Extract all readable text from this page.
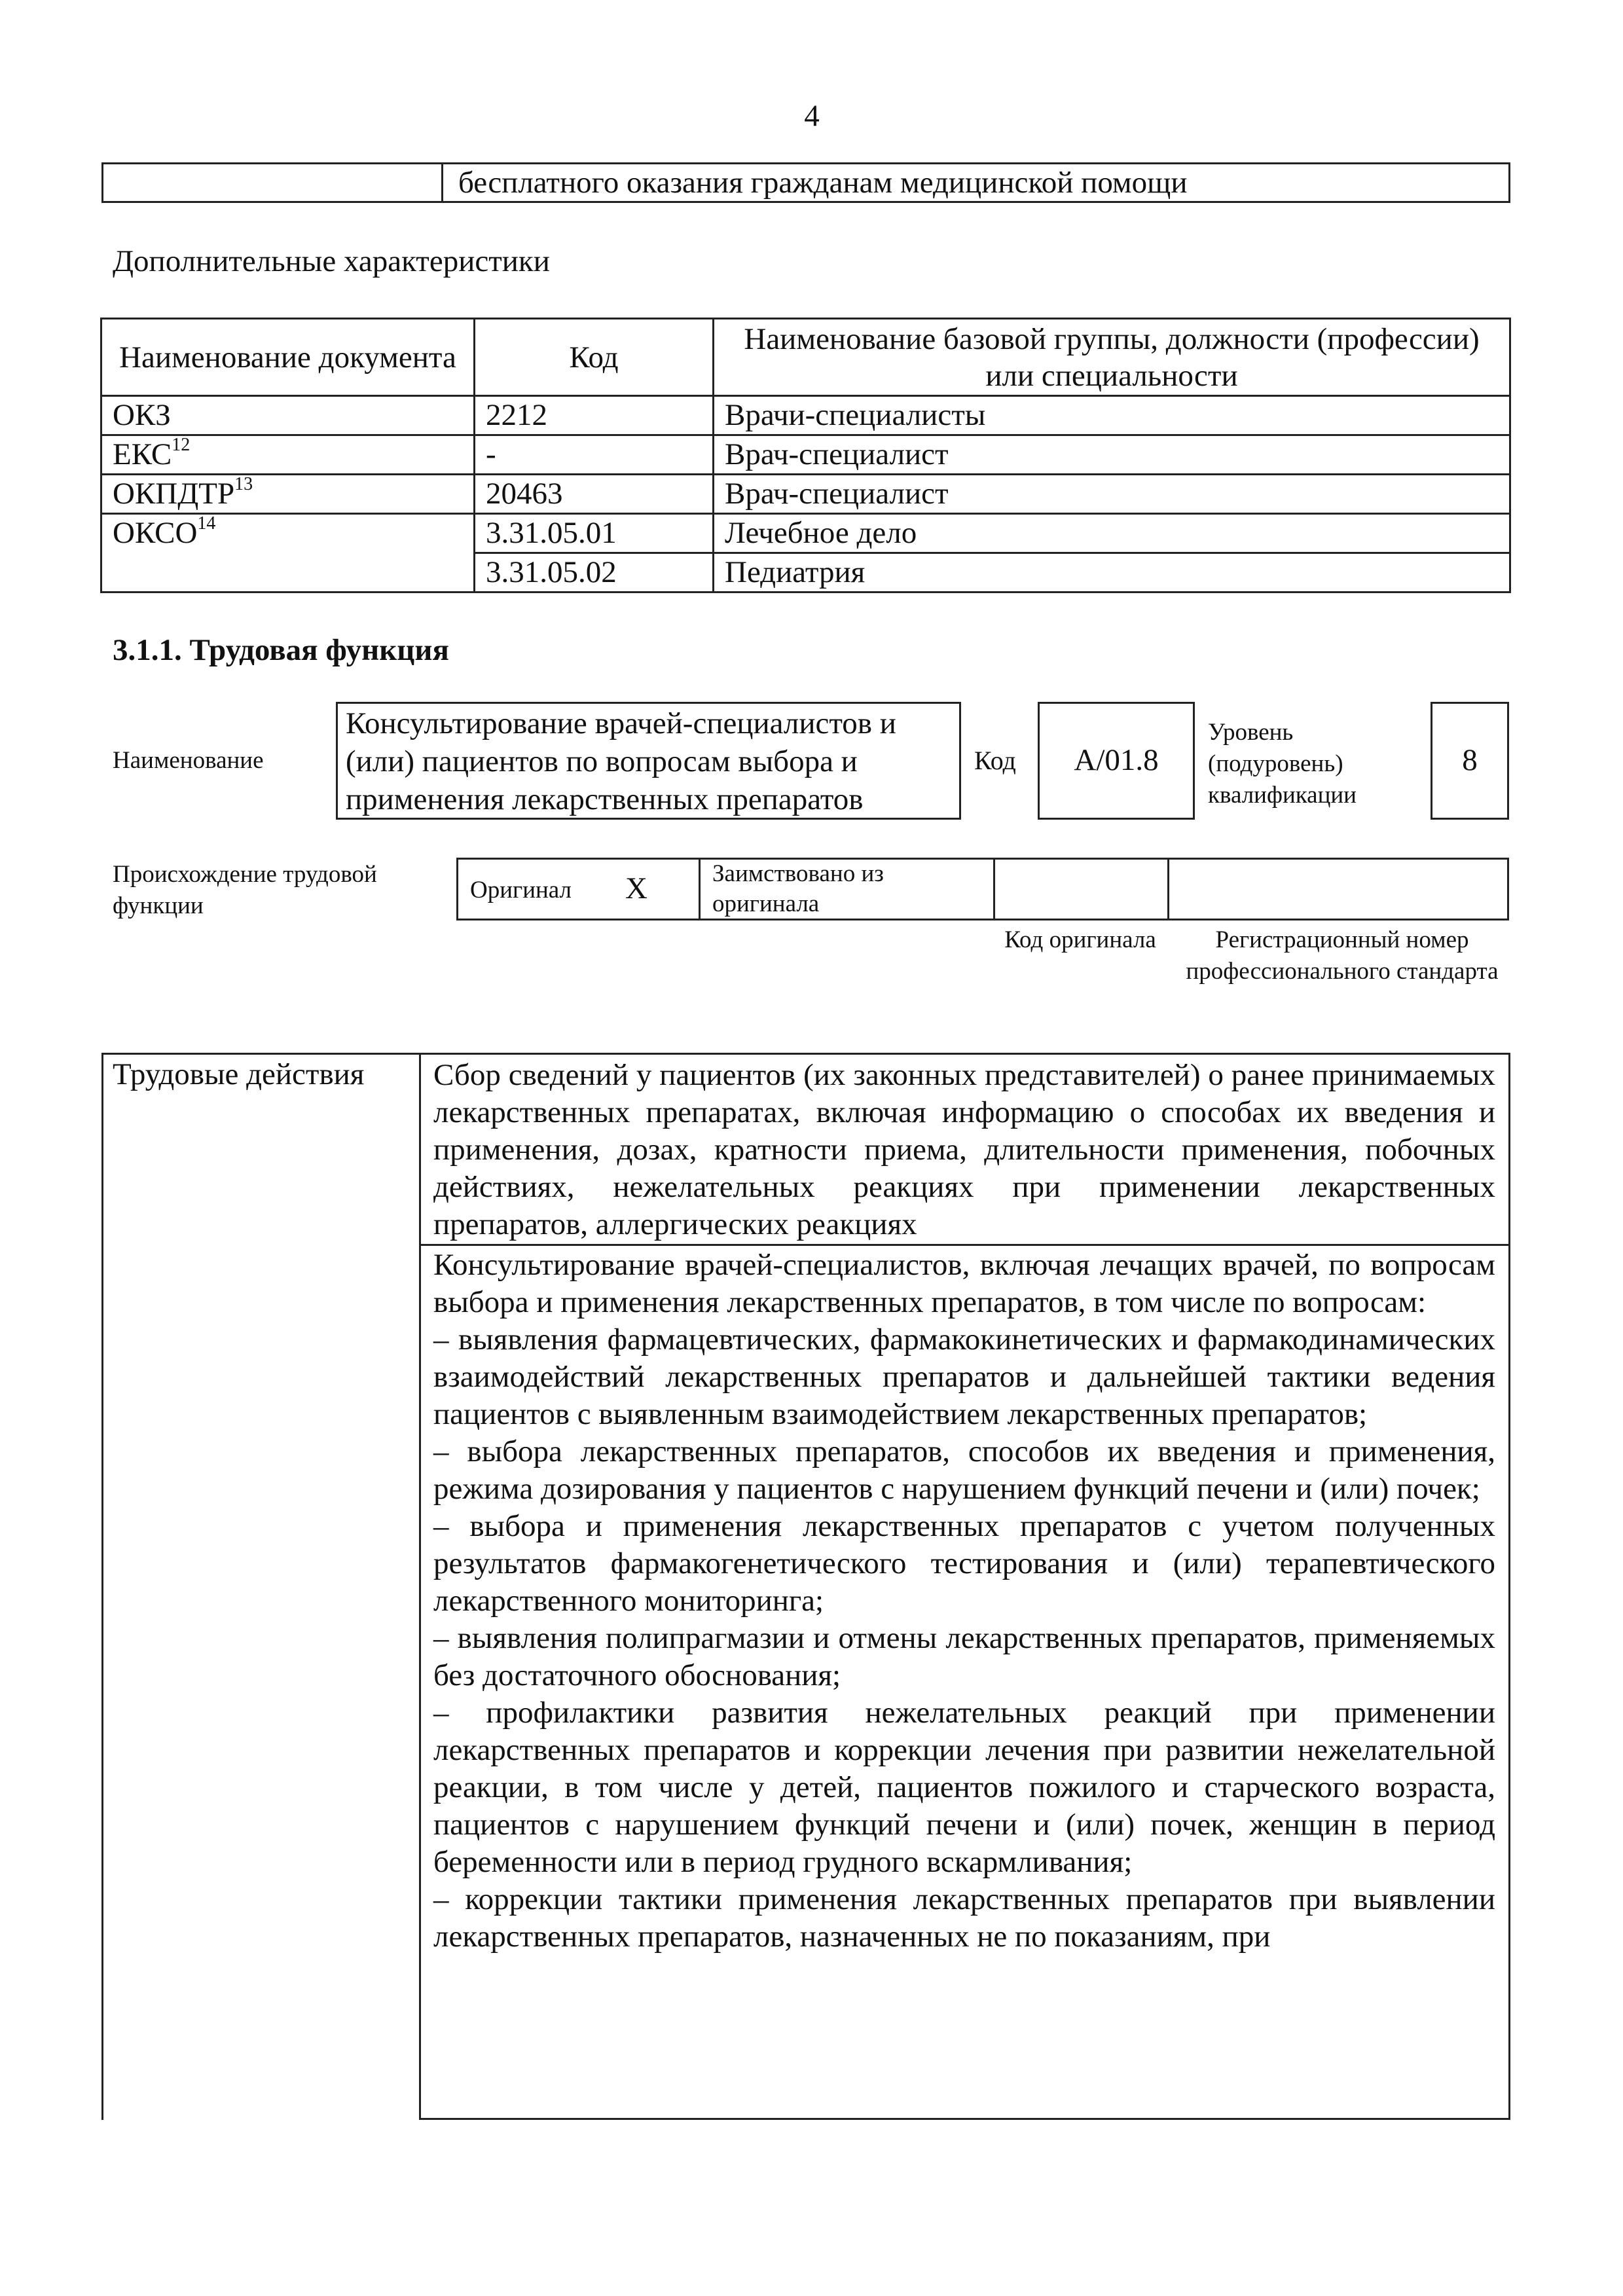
4
бесплатного оказания гражданам медицинской помощи
Дополнительные характеристики
Наименование документа	Код	Наименование базовой группы, должности (профессии) или специальности
ОКЗ	2212	Врачи-специалисты
ЕКС$^{12}$	-	Врач-специалист
ОКПДТР$^{13}$	20463	Врач-специалист
ОКСО$^{14}$	3.31.05.01	Лечебное дело
	3.31.05.02	Педиатрия
3.1.1. Трудовая функция
Наименование
Консультирование врачей-специалистов и (или) пациентов по вопросам выбора и применения лекарственных препаратов
Код	A/01.8
Уровень (подуровень) квалификации
8
Происхождение трудовой функции
Оригинал X	Заимствовано из оригинала
Код оригинала	Регистрационный номер профессионального стандарта
Трудовые действия Сбор сведений у пациентов (их законных представителей) о ранее принимаемых лекарственных препаратах, включая информацию о способах их введения и применения, дозах, кратности приема, длительности применения, побочных действиях, нежелательных реакциях при применении лекарственных препаратов, аллергических реакциях
Консультирование врачей-специалистов, включая лечащих врачей, по вопросам выбора и применения лекарственных препаратов, в том числе по вопросам:
– выявления фармацевтических, фармакокинетических и фармакодинамических взаимодействий лекарственных препаратов и дальнейшей тактики ведения пациентов с выявленным взаимодействием лекарственных препаратов;
– выбора лекарственных препаратов, способов их введения и применения, режима дозирования у пациентов с нарушением функций печени и (или) почек;
– выбора и применения лекарственных препаратов с учетом полученных результатов фармакогенетического тестирования и (или) терапевтического лекарственного мониторинга;
– выявления полипрагмазии и отмены лекарственных препаратов, применяемых без достаточного обоснования;
– профилактики развития нежелательных реакций при применении лекарственных препаратов и коррекции лечения при развитии нежелательной реакции, в том числе у детей, пациентов пожилого и старческого возраста, пациентов с нарушением функций печени и (или) почек, женщин в период беременности или в период грудного вскармливания;
– коррекции тактики применения лекарственных препаратов при выявлении лекарственных препаратов, назначенных не по показаниям, при
